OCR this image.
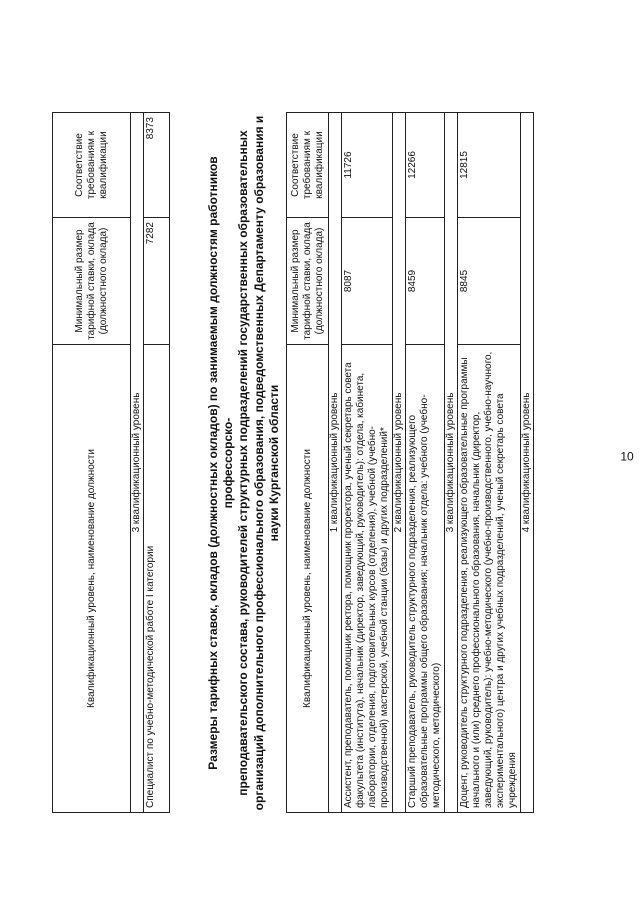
10
Квалификационный уровень, наименование должности	Минимальный размер тарифной ставки, оклада (должностного оклада)	Соответствие требованиям к квалификации
3 квалификационный уровень		
Специалист по учебно-методической работе I категории	7282	8373
Размеры тарифных ставок, окладов (должностных окладов) по занимаемым должностям работников профессорско- преподавательского состава, руководителей структурных подразделений государственных образовательных организаций дополнительного профессионального образования, подведомственных Департаменту образования и науки Курганской области Квалификационный уровень, наименование должности	Минимальный размер тарифной ставки, оклада (должностного оклада)	Соответствие требованиям к квалификации
1 квалификационный уровень		
Ассистент, преподаватель, помощник ректора, помощник проректора, ученый секретарь совета факультета (института), начальник (директор, заведующий, руководитель): отдела, кабинета, лаборатории, отделения, подготовительных курсов (отделения), учебной (учебно-производственной) мастерской, учебной станции (базы) и других подразделений*	8087	11726
2 квалификационный уровень		
Старший преподаватель, руководитель структурного подразделения, реализующего образовательные программы общего образования; начальник отдела: учебного (учебно-методического, методического)	8459	12266
3 квалификационный уровень		
Доцент, руководитель структурного подразделения, реализующего образовательные программы начального и (или) среднего профессионального образования, начальник (директор, заведующий, руководитель): учебно-методического (учебно-производственного, учебно-научного, экспериментального) центра и других учебных подразделений, ученый секретарь совета учреждения	8845	12815
4 квалификационный уровень		
